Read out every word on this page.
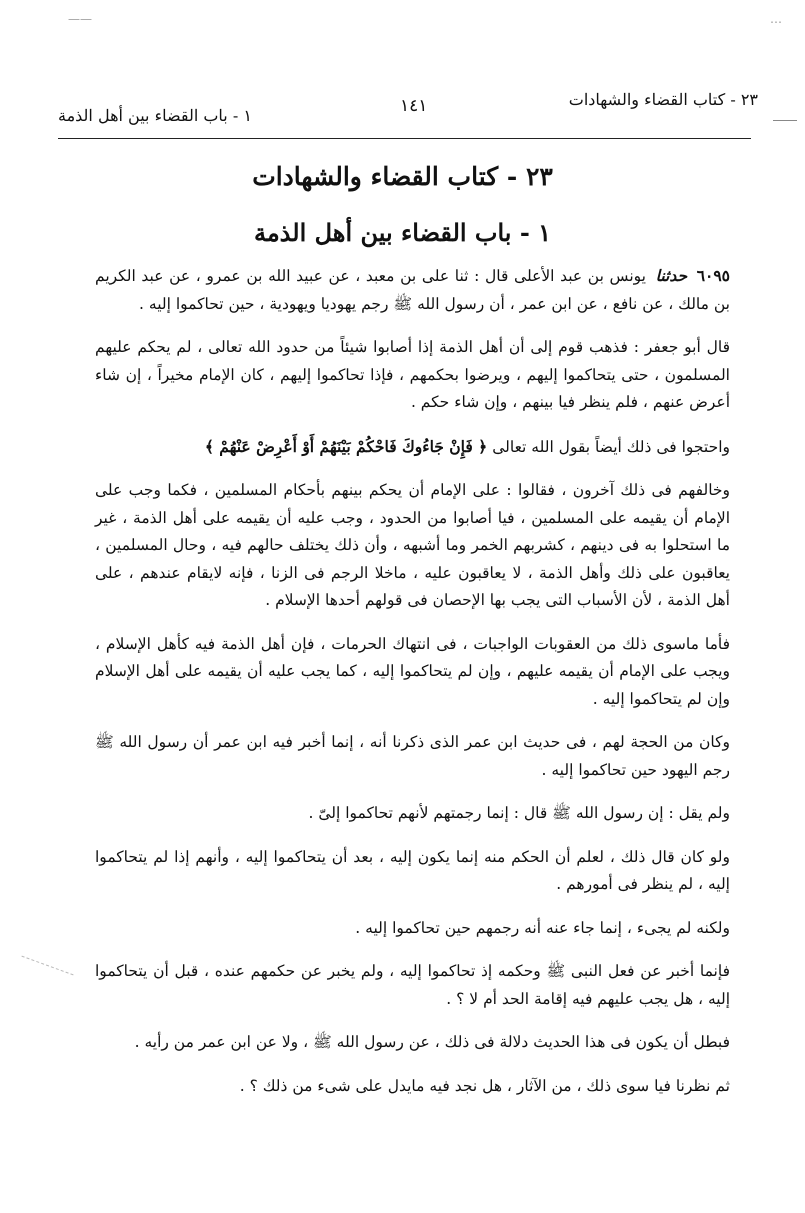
——	…
٢٣ - كتاب القضاء والشهادات
١٤١
١ - باب القضاء بين أهل الذمة
٢٣ - كتاب القضاء والشهادات
١ - باب القضاء بين أهل الذمة

٦٠٩٥ حدثنا يونس بن عبد الأعلى قال : ثنا على بن معبد ، عن عبيد الله بن عمرو ، عن عبد الكريم بن مالك ، عن نافع ، عن ابن عمر ، أن رسول الله ﷺ رجم يهوديا ويهودية ، حين تحاكموا إليه .

قال أبو جعفر : فذهب قوم إلى أن أهل الذمة إذا أصابوا شيئاً من حدود الله تعالى ، لم يحكم عليهم المسلمون ، حتى يتحاكموا إليهم ، ويرضوا بحكمهم ، فإذا تحاكموا إليهم ، كان الإمام مخيراً ، إن شاء أعرض عنهم ، فلم ينظر فيا بينهم ، وإن شاء حكم .

واحتجوا فى ذلك أيضاً بقول الله تعالى ﴿ فَإِنْ جَاءُوكَ فَاحْكُمْ بَيْنَهُمْ أَوْ أَعْرِضْ عَنْهُمْ ﴾

وخالفهم فى ذلك آخرون ، فقالوا : على الإمام أن يحكم بينهم بأحكام المسلمين ، فكما وجب على الإمام أن يقيمه على المسلمين ، فيا أصابوا من الحدود ، وجب عليه أن يقيمه على أهل الذمة ، غير ما استحلوا به فى دينهم ، كشربهم الخمر وما أشبهه ، وأن ذلك يختلف حالهم فيه ، وحال المسلمين ، يعاقبون على ذلك وأهل الذمة ، لا يعاقبون عليه ، ماخلا الرجم فى الزنا ، فإنه لايقام عندهم ، على أهل الذمة ، لأن الأسباب التى يجب بها الإحصان فى قولهم أحدها الإسلام .

فأما ماسوى ذلك من العقوبات الواجبات ، فى انتهاك الحرمات ، فإن أهل الذمة فيه كأهل الإسلام ، ويجب على الإمام أن يقيمه عليهم ، وإن لم يتحاكموا إليه ، كما يجب عليه أن يقيمه على أهل الإسلام وإن لم يتحاكموا إليه .

وكان من الحجة لهم ، فى حديث ابن عمر الذى ذكرنا أنه ، إنما أخبر فيه ابن عمر أن رسول الله ﷺ رجم اليهود حين تحاكموا إليه .

ولم يقل : إن رسول الله ﷺ قال : إنما رجمتهم لأنهم تحاكموا إلىّ .

ولو كان قال ذلك ، لعلم أن الحكم منه إنما يكون إليه ، بعد أن يتحاكموا إليه ، وأنهم إذا لم يتحاكموا إليه ، لم ينظر فى أمورهم .

ولكنه لم يجىء ، إنما جاء عنه أنه رجمهم حين تحاكموا إليه .

فإنما أخبر عن فعل النبى ﷺ وحكمه إذ تحاكموا إليه ، ولم يخبر عن حكمهم عنده ، قبل أن يتحاكموا إليه ، هل يجب عليهم فيه إقامة الحد أم لا ؟ .

فبطل أن يكون فى هذا الحديث دلالة فى ذلك ، عن رسول الله ﷺ ، ولا عن ابن عمر من رأيه .

ثم نظرنا فيا سوى ذلك ، من الآثار ، هل نجد فيه مايدل على شىء من ذلك ؟ .
